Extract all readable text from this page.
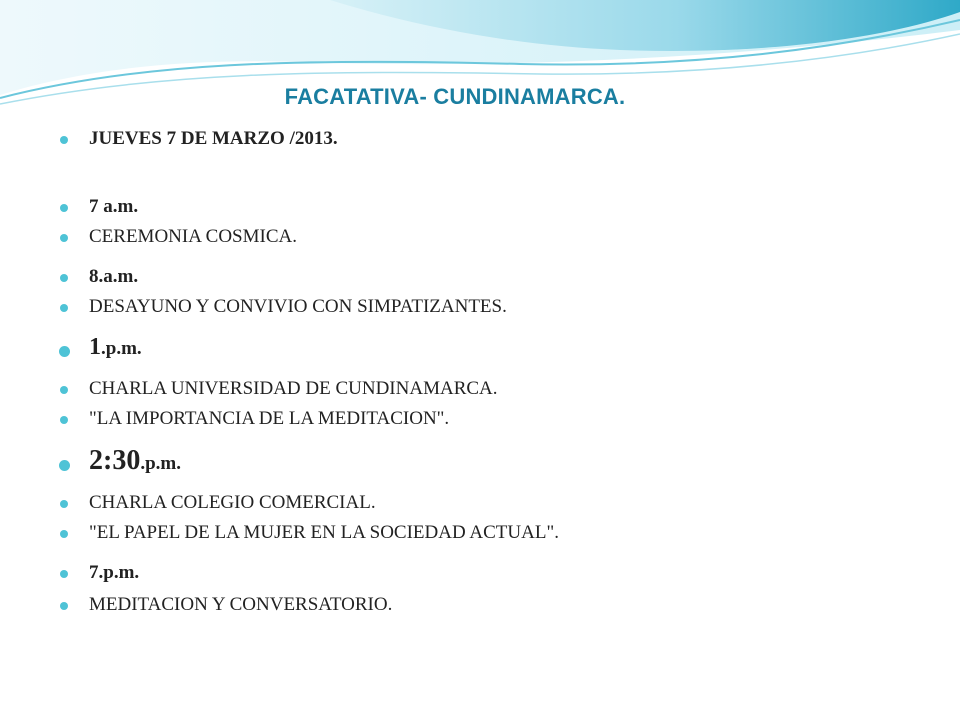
FACATATIVA- CUNDINAMARCA.
JUEVES 7 DE MARZO /2013.
7 a.m.
CEREMONIA COSMICA.
8.a.m.
DESAYUNO Y CONVIVIO CON SIMPATIZANTES.
1.p.m.
CHARLA UNIVERSIDAD DE CUNDINAMARCA.
"LA IMPORTANCIA DE LA MEDITACION".
2:30.p.m.
CHARLA COLEGIO COMERCIAL.
"EL PAPEL DE LA MUJER EN LA SOCIEDAD ACTUAL".
7.p.m.
MEDITACION Y CONVERSATORIO.
